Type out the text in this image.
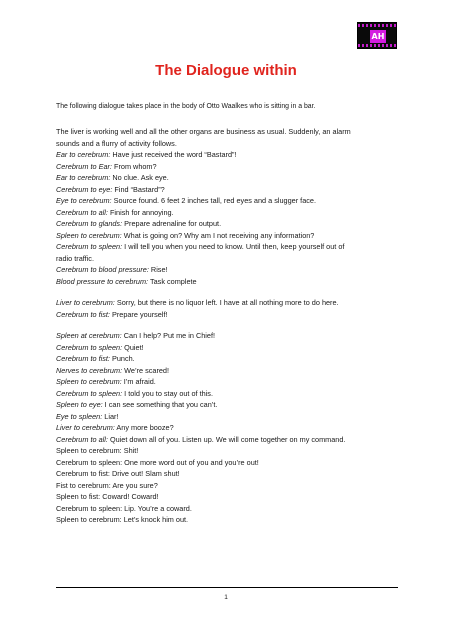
AH
The Dialogue within

The following dialogue takes place in the body of Otto Waalkes who is sitting in a bar.

The liver is working well and all the other organs are business as usual. Suddenly, an alarm
sounds and a flurry of activity follows.
Ear to cerebrum: Have just received the word “Bastard”!
Cerebrum to Ear: From whom?
Ear to cerebrum: No clue. Ask eye.
Cerebrum to eye: Find “Bastard”?
Eye to cerebrum: Source found. 6 feet 2 inches tall, red eyes and a slugger face.
Cerebrum to all: Finish for annoying.
Cerebrum to glands: Prepare adrenaline for output.
Spleen to cerebrum: What is going on? Why am I not receiving any information?
Cerebrum to spleen: I will tell you when you need to know. Until then, keep yourself out of
radio traffic.
Cerebrum to blood pressure: Rise!
Blood pressure to cerebrum: Task complete
Liver to cerebrum: Sorry, but there is no liquor left. I have at all nothing more to do here.
Cerebrum to fist: Prepare yourself!
Spleen at cerebrum: Can I help? Put me in Chief!
Cerebrum to spleen: Quiet!
Cerebrum to fist: Punch.
Nerves to cerebrum: We’re scared!
Spleen to cerebrum: I’m afraid.
Cerebrum to spleen: I told you to stay out of this.
Spleen to eye: I can see something that you can’t.
Eye to spleen: Liar!
Liver to cerebrum: Any more booze?
Cerebrum to all: Quiet down all of you. Listen up. We will come together on my command.
Spleen to cerebrum: Shit!
Cerebrum to spleen: One more word out of you and you’re out!
Cerebrum to fist: Drive out! Slam shut!
Fist to cerebrum: Are you sure?
Spleen to fist: Coward! Coward!
Cerebrum to spleen: Lip. You’re a coward.
Spleen to cerebrum: Let’s knock him out.
1
